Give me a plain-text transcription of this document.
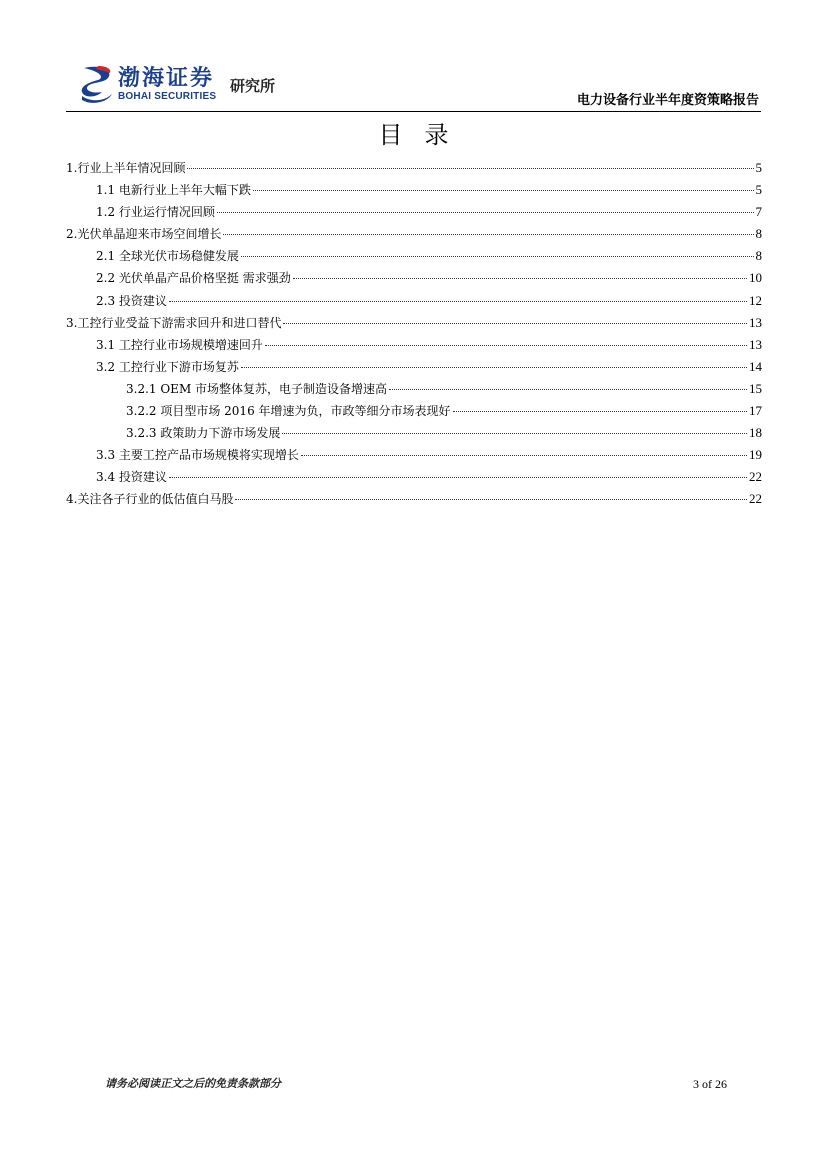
渤海证券
BOHAI SECURITIES
研究所
电力设备行业半年度资策略报告
目录
1.行业上半年情况回顾	5
1.1 电新行业上半年大幅下跌	5
1.2 行业运行情况回顾	7
2.光伏单晶迎来市场空间增长	8
2.1 全球光伏市场稳健发展	8
2.2 光伏单晶产品价格坚挺 需求强劲	10
2.3 投资建议	12
3.工控行业受益下游需求回升和进口替代	13
3.1 工控行业市场规模增速回升	13
3.2 工控行业下游市场复苏	14
3.2.1 OEM 市场整体复苏，电子制造设备增速高	15
3.2.2 项目型市场 2016 年增速为负，市政等细分市场表现好	17
3.2.3 政策助力下游市场发展	18
3.3 主要工控产品市场规模将实现增长	19
3.4 投资建议	22
4.关注各子行业的低估值白马股	22
请务必阅读正文之后的免责条款部分	3 of 26
